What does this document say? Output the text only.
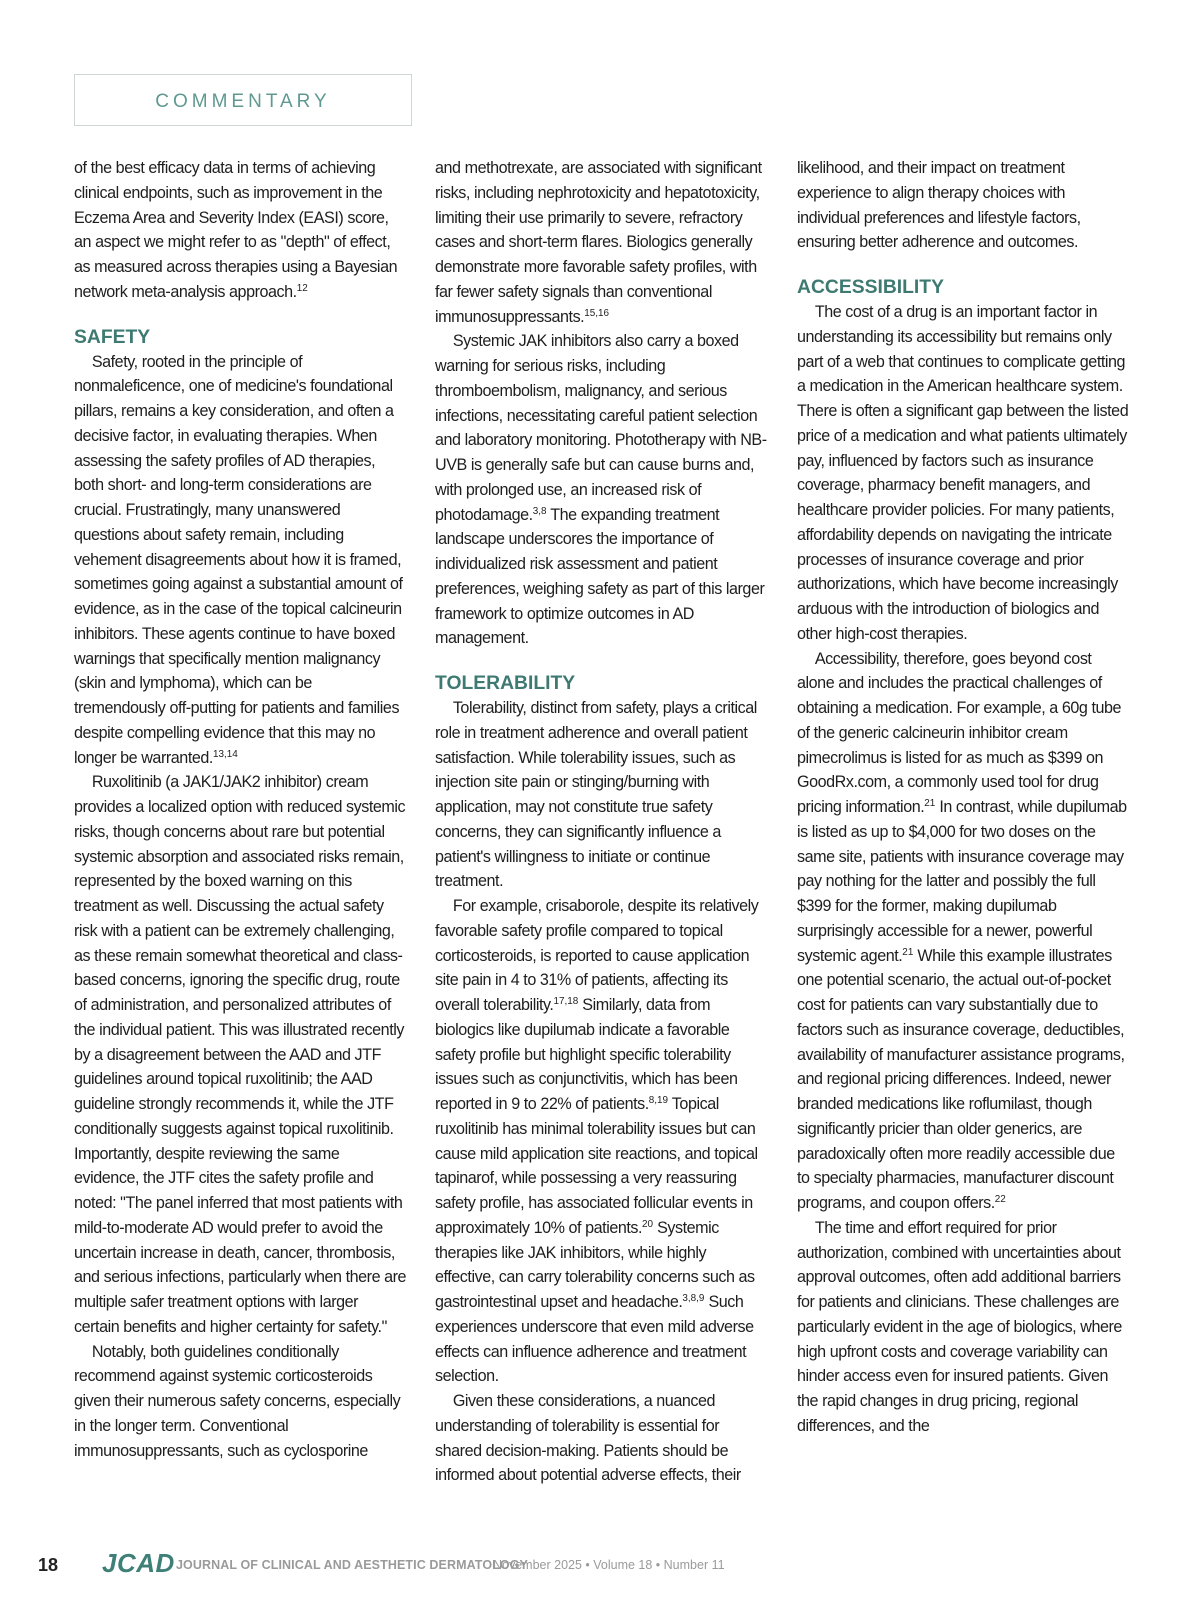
COMMENTARY

of the best efficacy data in terms of achieving clinical endpoints, such as improvement in the Eczema Area and Severity Index (EASI) score, an aspect we might refer to as "depth" of effect, as measured across therapies using a Bayesian network meta-analysis approach.$^{12}$

SAFETY

Safety, rooted in the principle of nonmaleficence, one of medicine's foundational pillars, remains a key consideration, and often a decisive factor, in evaluating therapies. When assessing the safety profiles of AD therapies, both short- and long-term considerations are crucial. Frustratingly, many unanswered questions about safety remain, including vehement disagreements about how it is framed, sometimes going against a substantial amount of evidence, as in the case of the topical calcineurin inhibitors. These agents continue to have boxed warnings that specifically mention malignancy (skin and lymphoma), which can be tremendously off-putting for patients and families despite compelling evidence that this may no longer be warranted.$^{13,14}$

Ruxolitinib (a JAK1/JAK2 inhibitor) cream provides a localized option with reduced systemic risks, though concerns about rare but potential systemic absorption and associated risks remain, represented by the boxed warning on this treatment as well. Discussing the actual safety risk with a patient can be extremely challenging, as these remain somewhat theoretical and class-based concerns, ignoring the specific drug, route of administration, and personalized attributes of the individual patient. This was illustrated recently by a disagreement between the AAD and JTF guidelines around topical ruxolitinib; the AAD guideline strongly recommends it, while the JTF conditionally suggests against topical ruxolitinib. Importantly, despite reviewing the same evidence, the JTF cites the safety profile and noted: "The panel inferred that most patients with mild-to-moderate AD would prefer to avoid the uncertain increase in death, cancer, thrombosis, and serious infections, particularly when there are multiple safer treatment options with larger certain benefits and higher certainty for safety."

Notably, both guidelines conditionally recommend against systemic corticosteroids given their numerous safety concerns, especially in the longer term. Conventional immunosuppressants, such as cyclosporine

and methotrexate, are associated with significant risks, including nephrotoxicity and hepatotoxicity, limiting their use primarily to severe, refractory cases and short-term flares. Biologics generally demonstrate more favorable safety profiles, with far fewer safety signals than conventional immunosuppressants.$^{15,16}$

Systemic JAK inhibitors also carry a boxed warning for serious risks, including thromboembolism, malignancy, and serious infections, necessitating careful patient selection and laboratory monitoring. Phototherapy with NB-UVB is generally safe but can cause burns and, with prolonged use, an increased risk of photodamage.$^{3,8}$ The expanding treatment landscape underscores the importance of individualized risk assessment and patient preferences, weighing safety as part of this larger framework to optimize outcomes in AD management.

TOLERABILITY

Tolerability, distinct from safety, plays a critical role in treatment adherence and overall patient satisfaction. While tolerability issues, such as injection site pain or stinging/burning with application, may not constitute true safety concerns, they can significantly influence a patient's willingness to initiate or continue treatment.

For example, crisaborole, despite its relatively favorable safety profile compared to topical corticosteroids, is reported to cause application site pain in 4 to 31% of patients, affecting its overall tolerability.$^{17,18}$ Similarly, data from biologics like dupilumab indicate a favorable safety profile but highlight specific tolerability issues such as conjunctivitis, which has been reported in 9 to 22% of patients.$^{8,19}$ Topical ruxolitinib has minimal tolerability issues but can cause mild application site reactions, and topical tapinarof, while possessing a very reassuring safety profile, has associated follicular events in approximately 10% of patients.$^{20}$ Systemic therapies like JAK inhibitors, while highly effective, can carry tolerability concerns such as gastrointestinal upset and headache.$^{3,8,9}$ Such experiences underscore that even mild adverse effects can influence adherence and treatment selection.

Given these considerations, a nuanced understanding of tolerability is essential for shared decision-making. Patients should be informed about potential adverse effects, their

likelihood, and their impact on treatment experience to align therapy choices with individual preferences and lifestyle factors, ensuring better adherence and outcomes.

ACCESSIBILITY

The cost of a drug is an important factor in understanding its accessibility but remains only part of a web that continues to complicate getting a medication in the American healthcare system. There is often a significant gap between the listed price of a medication and what patients ultimately pay, influenced by factors such as insurance coverage, pharmacy benefit managers, and healthcare provider policies. For many patients, affordability depends on navigating the intricate processes of insurance coverage and prior authorizations, which have become increasingly arduous with the introduction of biologics and other high-cost therapies.

Accessibility, therefore, goes beyond cost alone and includes the practical challenges of obtaining a medication. For example, a 60g tube of the generic calcineurin inhibitor cream pimecrolimus is listed for as much as $399 on GoodRx.com, a commonly used tool for drug pricing information.$^{21}$ In contrast, while dupilumab is listed as up to $4,000 for two doses on the same site, patients with insurance coverage may pay nothing for the latter and possibly the full $399 for the former, making dupilumab surprisingly accessible for a newer, powerful systemic agent.$^{21}$ While this example illustrates one potential scenario, the actual out-of-pocket cost for patients can vary substantially due to factors such as insurance coverage, deductibles, availability of manufacturer assistance programs, and regional pricing differences. Indeed, newer branded medications like roflumilast, though significantly pricier than older generics, are paradoxically often more readily accessible due to specialty pharmacies, manufacturer discount programs, and coupon offers.$^{22}$

The time and effort required for prior authorization, combined with uncertainties about approval outcomes, often add additional barriers for patients and clinicians. These challenges are particularly evident in the age of biologics, where high upfront costs and coverage variability can hinder access even for insured patients. Given the rapid changes in drug pricing, regional differences, and the

18 JCAD JOURNAL OF CLINICAL AND AESTHETIC DERMATOLOGY
November 2025 • Volume 18 • Number 11
